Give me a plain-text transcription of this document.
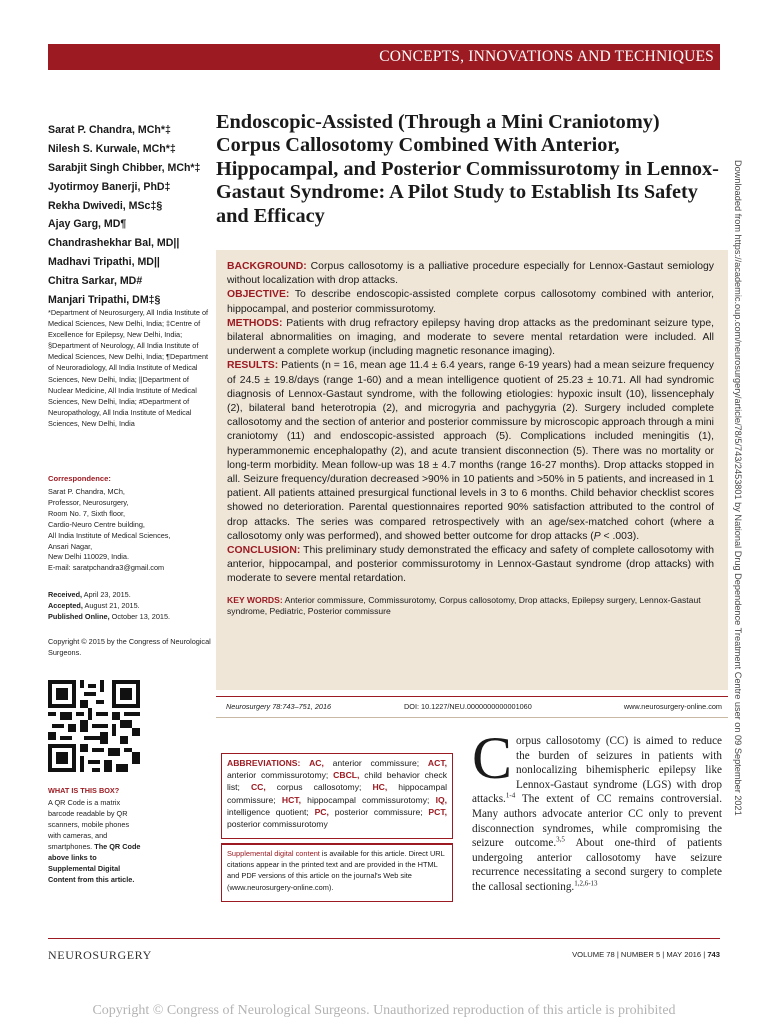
CONCEPTS, INNOVATIONS AND TECHNIQUES
Sarat P. Chandra, MCh*‡
Nilesh S. Kurwale, MCh*‡
Sarabjit Singh Chibber, MCh*‡
Jyotirmoy Banerji, PhD‡
Rekha Dwivedi, MSc‡§
Ajay Garg, MD¶
Chandrashekhar Bal, MD||
Madhavi Tripathi, MD||
Chitra Sarkar, MD#
Manjari Tripathi, DM‡§
*Department of Neurosurgery, All India Institute of Medical Sciences, New Delhi, India; ‡Centre of Excellence for Epilepsy, New Delhi, India; §Department of Neurology, All India Institute of Medical Sciences, New Delhi, India; ¶Department of Neuroradiology, All India Institute of Medical Sciences, New Delhi, India; ||Department of Nuclear Medicine, All India Institute of Medical Sciences, New Delhi, India; #Department of Neuropathology, All India Institute of Medical Sciences, New Delhi, India
Correspondence:
Sarat P. Chandra, MCh,
Professor, Neurosurgery,
Room No. 7, Sixth floor,
Cardio-Neuro Centre building,
All India Institute of Medical Sciences,
Ansari Nagar,
New Delhi 110029, India.
E-mail: saratpchandra3@gmail.com
Received, April 23, 2015.
Accepted, August 21, 2015.
Published Online, October 13, 2015.
Copyright © 2015 by the Congress of Neurological Surgeons.
WHAT IS THIS BOX?
A QR Code is a matrix barcode readable by QR scanners, mobile phones with cameras, and smartphones. The QR Code above links to Supplemental Digital Content from this article.
Endoscopic-Assisted (Through a Mini Craniotomy) Corpus Callosotomy Combined With Anterior, Hippocampal, and Posterior Commissurotomy in Lennox-Gastaut Syndrome: A Pilot Study to Establish Its Safety and Efficacy

BACKGROUND: Corpus callosotomy is a palliative procedure especially for Lennox-Gastaut semiology without localization with drop attacks.

OBJECTIVE: To describe endoscopic-assisted complete corpus callosotomy combined with anterior, hippocampal, and posterior commissurotomy.

METHODS: Patients with drug refractory epilepsy having drop attacks as the predominant seizure type, bilateral abnormalities on imaging, and moderate to severe mental retardation were included. All underwent a complete workup (including magnetic resonance imaging).

RESULTS: Patients (n = 16, mean age 11.4 ± 6.4 years, range 6-19 years) had a mean seizure frequency of 24.5 ± 19.8/days (range 1-60) and a mean intelligence quotient of 25.23 ± 10.71. All had syndromic diagnosis of Lennox-Gastaut syndrome, with the following etiologies: hypoxic insult (10), lissencephaly (2), bilateral band heterotropia (2), and microgyria and pachygyria (2). Surgery included complete callosotomy and the section of anterior and posterior commissure by microscopic approach through a mini craniotomy (11) and endoscopic-assisted approach (5). Complications included meningitis (1), hyperammonemic encephalopathy (2), and acute transient disconnection (5). There was no mortality or long-term morbidity. Mean follow-up was 18 ± 4.7 months (range 16-27 months). Drop attacks stopped in all. Seizure frequency/duration decreased >90% in 10 patients and >50% in 5 patients, and increased in 1 patient. All patients attained presurgical functional levels in 3 to 6 months. Child behavior checklist scores showed no deterioration. Parental questionnaires reported 90% satisfaction attributed to the control of drop attacks. The series was compared retrospectively with an age/sex-matched cohort (where a callosotomy only was performed), and showed better outcome for drop attacks (P < .003).

CONCLUSION: This preliminary study demonstrated the efficacy and safety of complete callosotomy with anterior, hippocampal, and posterior commissurotomy in Lennox-Gastaut syndrome (drop attacks) with moderate to severe mental retardation.

KEY WORDS: Anterior commissure, Commissurotomy, Corpus callosotomy, Drop attacks, Epilepsy surgery, Lennox-Gastaut syndrome, Pediatric, Posterior commissure
Neurosurgery 78:743–751, 2016	DOI: 10.1227/NEU.0000000000001060	www.neurosurgery-online.com
ABBREVIATIONS: AC, anterior commissure; ACT, anterior commissurotomy; CBCL, child behavior check list; CC, corpus callosotomy; HC, hippocampal commissure; HCT, hippocampal commissurotomy; IQ, intelligence quotient; PC, posterior commissure; PCT, posterior commissurotomy
Supplemental digital content is available for this article. Direct URL citations appear in the printed text and are provided in the HTML and PDF versions of this article on the journal's Web site (www.neurosurgery-online.com).
Corpus callosotomy (CC) is aimed to reduce the burden of seizures in patients with nonlocalizing bihemispheric epilepsy like Lennox-Gastaut syndrome (LGS) with drop attacks.$^{1-4}$ The extent of CC remains controversial. Many authors advocate anterior CC only to prevent disconnection syndromes, while compromising the seizure outcome.$^{3,5}$ About one-third of patients undergoing anterior callosotomy have seizure recurrence necessitating a second surgery to complete the callosal sectioning.$^{1,2,6-13}$
Downloaded from https://academic.oup.com/neurosurgery/article/78/5/743/2453801 by National Drug Dependence Treatment Centre user on 09 September 2021
NEUROSURGERY	VOLUME 78 | NUMBER 5 | MAY 2016 | 743
Copyright © Congress of Neurological Surgeons. Unauthorized reproduction of this article is prohibited
